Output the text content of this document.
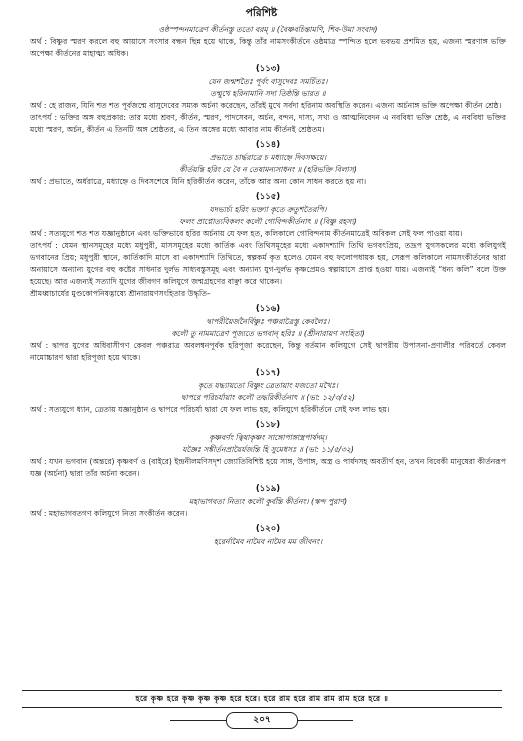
পরিশিষ্ট
ওষ্ঠস্পন্দনমাত্রেণ কীর্তনস্তু ততো বরম্‌ ॥ (বৈষ্ণবচিন্তামণি, শিব-উমা সংবাদ)

অর্থ : বিষ্ণুর স্মরণ করলে বহু আয়াসে সংসার বন্ধন ছিন্ন হয়ে থাকে, কিন্তু তাঁর নামসংকীর্তনে ওষ্ঠমাত্র স্পন্দিত হলে ভবভয় প্রশমিত হয়, এজন্য স্মরণাঙ্গ ভক্তি অপেক্ষা কীর্তনের মাহাত্ম্য অধিক।

(১১৩)
যেন জন্মশতৈঃ পূর্বং বাসুদেবঃ সমর্চিতঃ।
তন্মুখে হরিনামানি সদা তিষ্ঠন্তি ভারত ॥

অর্থ : হে রাজন, যিনি শত শত পূর্বজন্মে বাসুদেবের সম্যক অর্চনা করেছেন, তাঁরই মুখে সর্বদা হরিনাম অবস্থিতি করেন। এজন্য অর্চনাঙ্গ ভক্তি অপেক্ষা কীর্তন শ্রেষ্ঠ।

তাৎপর্য : ভক্তির অঙ্গ বহুপ্রকার: তার মধ্যে শ্রবণ, কীর্তন, স্মরণ, পাদসেবন, অর্চন, বন্দন, দাস্য, সখ্য ও আত্মনিবেদন এ নববিধা ভক্তি শ্রেষ্ঠ, এ নববিধা ভক্তির মধ্যে স্মরণ, অর্চন, কীর্তন এ তিনটি অঙ্গ শ্রেষ্ঠতর, এ তিন অঙ্গের মধ্যে আবার নাম কীর্তনই শ্রেষ্ঠতম।

(১১৪)
প্রভাতে চার্দ্ধরাত্রে চ মধ্যাহ্নে দিবসক্ষয়ে।
কীর্তয়ন্তি হরিং যে বৈ ন তেষামন্যসাধনং ॥ (হরিভক্তি বিলাস)

অর্থ : প্রভাতে, অর্ধরাত্রে, মধ্যাহ্নে ও দিবসশেষে যিনি হরিকীর্তন করেন, তাঁকে আর অন্য কোন সাধন করতে হয় না।

(১১৫)
যদভ্যর্চ্য হরিং ভক্ত্যা কৃতে ক্রতুশতৈরপি।
ফলং প্রাপ্নোত্যবিকলং কলৌ গোবিন্দকীর্তনাৎ ॥ (বিষ্ণু রহস্য)

অর্থ : সত্যযুগে শত শত যজ্ঞানুষ্ঠানে এবং ভক্তিভাবে হরির অর্চনায় যে ফল হত, কলিকালে গোবিন্দনাম কীর্তনমাত্রেই অবিকল সেই ফল পাওয়া যায়।

তাৎপর্য : যেমন স্থানসমূহের মধ্যে মধুপুরী, মাসসমূহের মধ্যে কার্তিক এবং তিথিসমূহের মধ্যে একাদশ্যাদি তিথি ভগবৎপ্রিয়, তদ্রূপ যুগসকলের মধ্যে কলিযুগই ভগবানের প্রিয়; মধুপুরী স্থানে, কার্তিকাদি মাসে বা একাদশ্যাদি তিথিতে, স্বল্পকর্ম কৃত হলেও যেমন বহু ফলোপধায়ক হয়, সেরূপ কলিকালে নামসংকীর্তনের দ্বারা অনায়াসে অন্যান্য যুগের বহু কষ্টের সাধনার দুর্লভ সাধ্যবস্তুসমূহ এবং অন্যান্য যুগ-দুর্লভ কৃষ্ণপ্রেমও স্বল্পায়াসে প্রাপ্ত হওয়া যায়। এজন্যই “ধন্য কলি” বলে উক্ত হয়েছে। আর এজন্যই সত্যাদি যুগের জীবগণ কলিযুগে জন্মগ্রহণের বাঞ্ছা করে থাকেন।

শ্রীমধ্বাচার্যের মুণ্ডকোপনিষদ্ভাষ্যে শ্রীনারায়ণসংহিতার উদ্ধৃতি–

(১১৬)
দ্বাপরীয়ৈর্জনৈর্বিষ্ণুঃ পঞ্চরাত্রৈস্তু কেবলৈঃ।
কলৌ তু নামমাত্রেণ পূজ্যতে ভগবান্‌ হরিঃ ॥ (শ্রীনারায়ণ সংহিতা)

অর্থ : দ্বাপর যুগের অধিবাসীগণ কেবল পঞ্চরাত্র অবলম্বনপূর্বক হরিপূজা করেছেন, কিন্তু বর্তমান কলিযুগে সেই দ্বাপরীয় উপাসনা-প্রণালীর পরিবর্তে কেবল নামোচ্চারণ দ্বারা হরিপূজা হয়ে থাকে।

(১১৭)
কৃতে যদ্ধ্যায়তো বিষ্ণুং ত্রেতায়াং যজতো মখৈঃ।
দ্বাপরে পরিচর্যায়াং কলৌ তদ্ধরিকীর্তনাৎ ॥ (ভা: ১২/৩/৫২)

অর্থ : সত্যযুগে ধ্যান, ত্রেতায় যজ্ঞানুষ্ঠান ও দ্বাপরে পরিচর্যা দ্বারা যে ফল লাভ হয়, কলিযুগে হরিকীর্তনে সেই ফল লাভ হয়।

(১১৮)
কৃষ্ণবর্ণং ত্বিষাকৃষ্ণং সাঙ্গোপাঙ্গাস্ত্রপার্ষদম্‌।
যজ্ঞৈঃ সঙ্কীর্তনপ্রায়ৈর্যজন্তি হি সুমেধসঃ ॥ (ভা: ১১/৫/৩২)

অর্থ : যখন ভগবান (অন্তরে) কৃষ্ণবর্ণ ও (বাইরে) ইন্দ্রনীলমণিসদৃশ জ্যোতিবিশিষ্ট হয়ে সাঙ্গ, উপাঙ্গ, অস্ত্র ও পার্ষদসহ অবতীর্ণ হন, তখন বিবেকী মানুষেরা কীর্তনরূপ যজ্ঞ (অর্চনা) দ্বারা তাঁর অর্চনা করেন।

(১১৯)
মহাভাগবতা নিত্যং কলৌ কুর্বন্তি কীর্তনং। (স্কন্দ পুরাণ)

অর্থ : মহাভাগবতগণ কলিযুগে নিত্য সংকীর্তন করেন।

(১২০)
হরের্নামৈব নামৈব নামৈব মম জীবনং।
হরে কৃষ্ণ হরে কৃষ্ণ কৃষ্ণ কৃষ্ণ হরে হরে। হরে রাম হরে রাম রাম রাম হরে হরে ॥
২০৭
